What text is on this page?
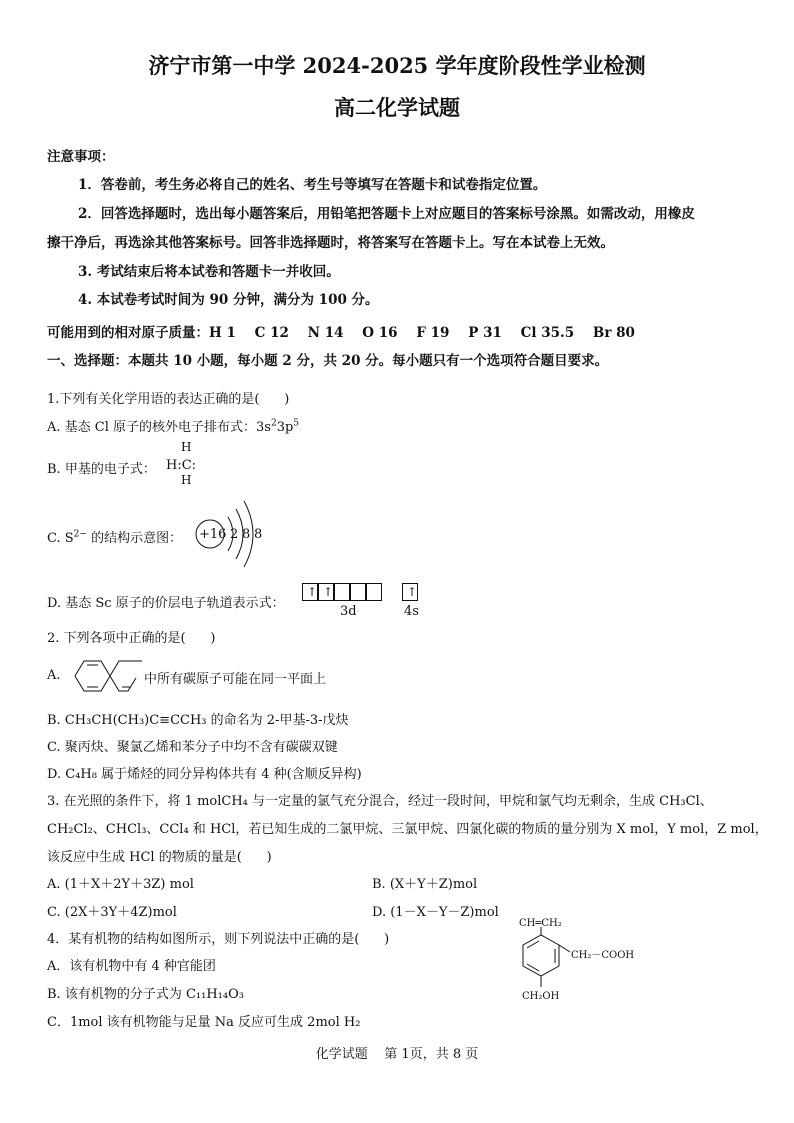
济宁市第一中学 2024-2025 学年度阶段性学业检测
高二化学试题
注意事项：
1．答卷前，考生务必将自己的姓名、考生号等填写在答题卡和试卷指定位置。
2．回答选择题时，选出每小题答案后，用铅笔把答题卡上对应题目的答案标号涂黑。如需改动，用橡皮
擦干净后，再选涂其他答案标号。回答非选择题时，将答案写在答题卡上。写在本试卷上无效。
3. 考试结束后将本试卷和答题卡一并收回。
4. 本试卷考试时间为 90 分钟，满分为 100 分。
可能用到的相对原子质量：H 1    C 12    N 14    O 16    F 19    P 31    Cl 35.5    Br 80
一、选择题：本题共 10 小题，每小题 2 分，共 20 分。每小题只有一个选项符合题目要求。
1.下列有关化学用语的表达正确的是(      )
A. 基态 Cl 原子的核外电子排布式：$3s^23p^5$
B. 甲基的电子式：
H
H:C:
H
C. $S^{2-}$ 的结构示意图： +16 2 8 8
D. 基态 Sc 原子的价层电子轨道表示式：
↑ ↑	↑
3d	4s
2. 下列各项中正确的是(      )
A.	中所有碳原子可能在同一平面上
B. CH₃CH(CH₃)C≡CCH₃ 的命名为 2-甲基-3-戊炔
C. 聚丙炔、聚氯乙烯和苯分子中均不含有碳碳双键
D. C₄H₈ 属于烯烃的同分异构体共有 4 种(含顺反异构)
3. 在光照的条件下，将 1 molCH₄ 与一定量的氯气充分混合，经过一段时间，甲烷和氯气均无剩余，生成 CH₃Cl、
CH₂Cl₂、CHCl₃、CCl₄ 和 HCl，若已知生成的二氯甲烷、三氯甲烷、四氯化碳的物质的量分别为 X mol，Y mol，Z mol，
该反应中生成 HCl 的物质的量是(      )
A. (1＋X＋2Y＋3Z) mol	B. (X＋Y＋Z)mol
C. (2X＋3Y＋4Z)mol	D. (1－X－Y－Z)mol
4．某有机物的结构如图所示，则下列说法中正确的是(      )
A．该有机物中有 4 种官能团
B. 该有机物的分子式为 C₁₁H₁₄O₃
C．1mol 该有机物能与足量 Na 反应可生成 2mol H₂
CH═CH₂
CH₂－COOH
CH₂OH
化学试题    第 1页，共 8 页
